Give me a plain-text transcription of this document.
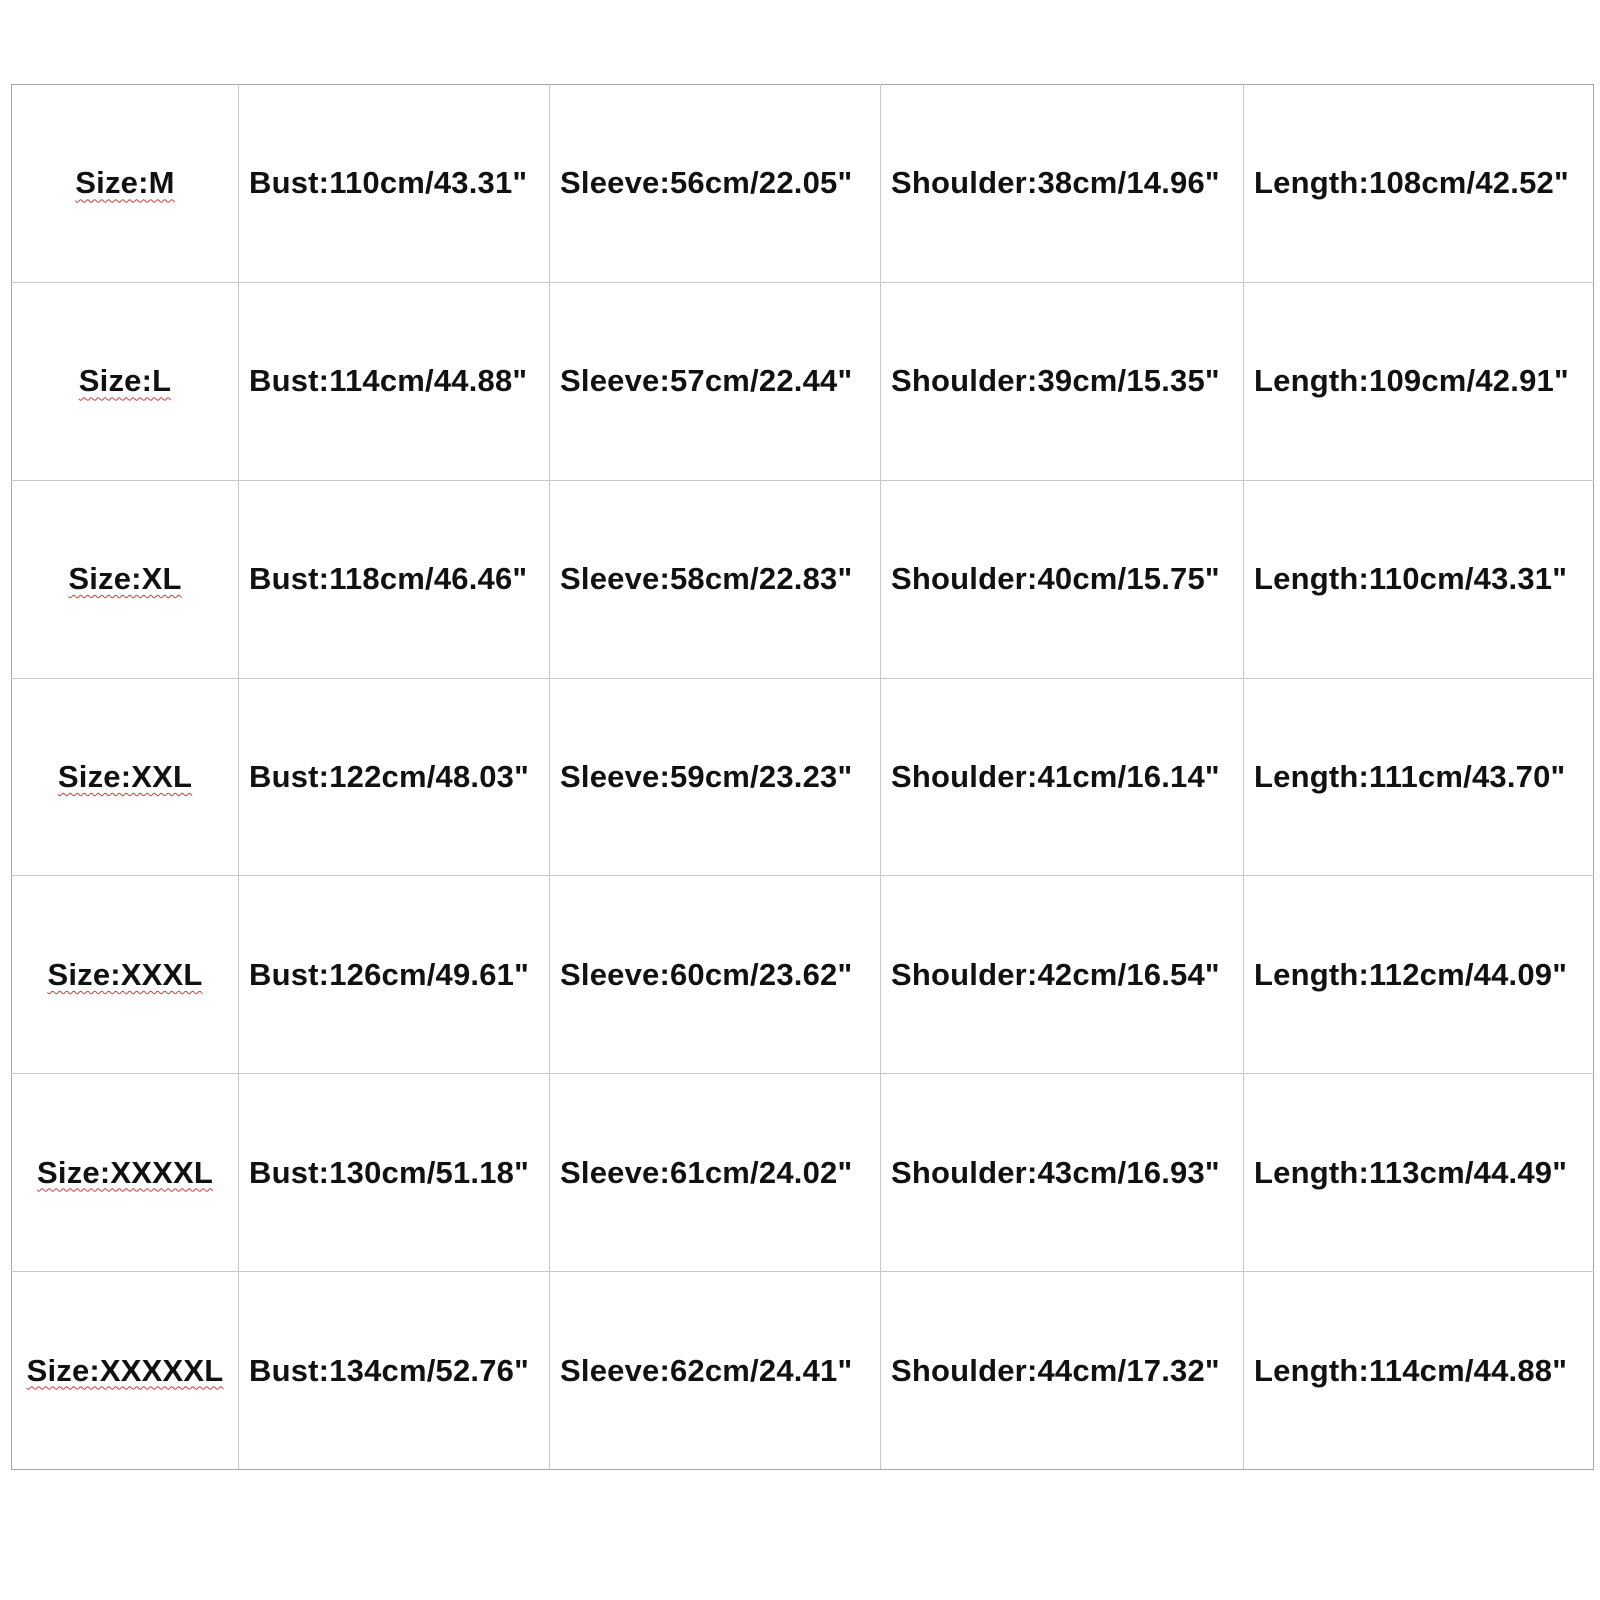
Size:M	Bust:110cm/43.31"	Sleeve:56cm/22.05"	Shoulder:38cm/14.96"	Length:108cm/42.52"
Size:L	Bust:114cm/44.88"	Sleeve:57cm/22.44"	Shoulder:39cm/15.35"	Length:109cm/42.91"
Size:XL	Bust:118cm/46.46"	Sleeve:58cm/22.83"	Shoulder:40cm/15.75"	Length:110cm/43.31"
Size:XXL	Bust:122cm/48.03"	Sleeve:59cm/23.23"	Shoulder:41cm/16.14"	Length:111cm/43.70"
Size:XXXL	Bust:126cm/49.61"	Sleeve:60cm/23.62"	Shoulder:42cm/16.54"	Length:112cm/44.09"
Size:XXXXL	Bust:130cm/51.18"	Sleeve:61cm/24.02"	Shoulder:43cm/16.93"	Length:113cm/44.49"
Size:XXXXXL	Bust:134cm/52.76"	Sleeve:62cm/24.41"	Shoulder:44cm/17.32"	Length:114cm/44.88"
